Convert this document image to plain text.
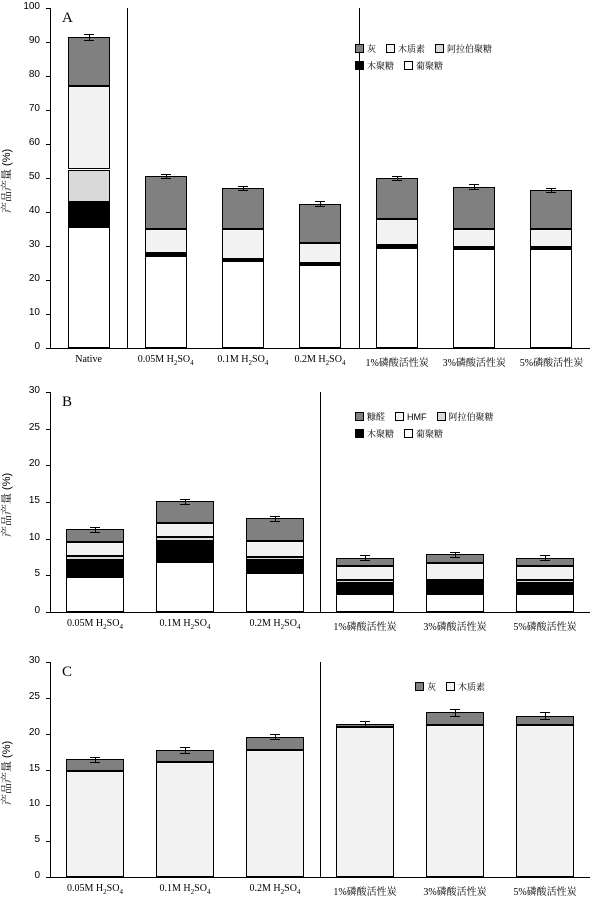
0
10
20
30
40
50
60
70
80
90
100
产品产量 (%)
A
Native	0.05M $H_2SO_4$	0.1M $H_2SO_4$	0.2M $H_2SO_4$	1%磷酸活性炭	3%磷酸活性炭	5%磷酸活性炭
灰 木质素 阿拉伯聚糖
木聚糖 葡聚糖
0
5
10
15
20
25
30
产品产量 (%)
B
0.05M $H_2SO_4$	0.1M $H_2SO_4$	0.2M $H_2SO_4$	1%磷酸活性炭	3%磷酸活性炭	5%磷酸活性炭
糠醛 HMF 阿拉伯聚糖
木聚糖 葡聚糖
0
5
10
15
20
25
30
产品产量 (%)
C
0.05M $H_2SO_4$	0.1M $H_2SO_4$	0.2M $H_2SO_4$	1%磷酸活性炭	3%磷酸活性炭	5%磷酸活性炭
灰 木质素
